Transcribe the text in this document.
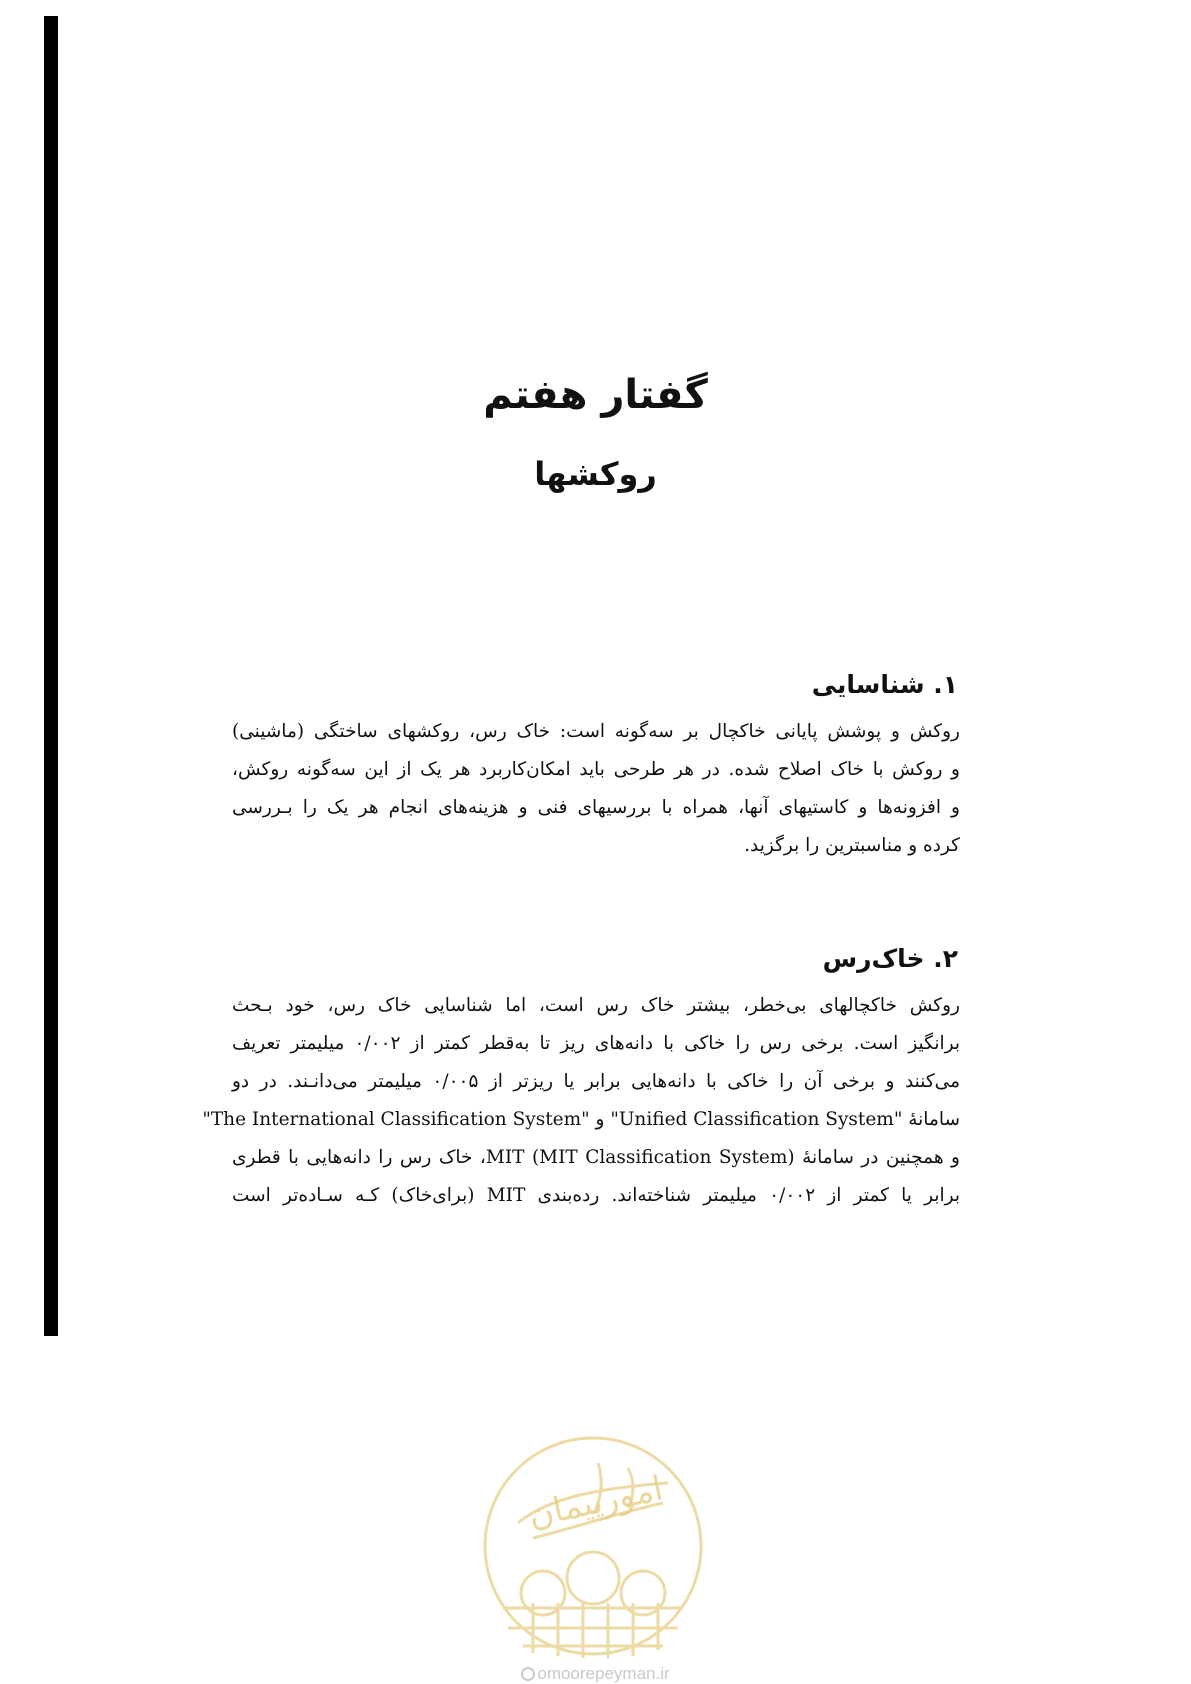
گفتار هفتم
روکشها
۱. شناسایی
روکش و پوشش پایانی خاکچال بر سه‌گونه است: خاک رس، روکشهای ساختگی (ماشینی)
و روکش با خاک اصلاح شده. در هر طرحی باید امکان‌کاربرد هر یک از این سه‌گونه روکش،
و افزونه‌ها و کاستیهای آنها، همراه با بررسیهای فنی و هزینه‌های انجام هر یک را بـررسی
کرده و مناسبترین را برگزید.
۲. خاک‌رس
روکش خاکچالهای بی‌خطر، بیشتر خاک رس است، اما شناسایی خاک رس، خود بـحث
برانگیز است. برخی رس را خاکی با دانه‌های ریز تا به‌قطر کمتر از ۰/۰۰۲ میلیمتر تعریف
می‌کنند و برخی آن را خاکی با دانه‌هایی برابر یا ریزتر از ۰/۰۰۵ میلیمتر می‌دانـند. در دو
سامانهٔ "Unified Classification System" و "The International Classification System"
و همچنین در سامانهٔ MIT (MIT Classification System)، خاک رس را دانه‌هایی با قطری
برابر یا کمتر از ۰/۰۰۲ میلیمتر شناخته‌اند. رده‌بندی MIT (برای‌خاک) کـه سـاده‌تر است
امورپیمان
omoorepeyman.ir
